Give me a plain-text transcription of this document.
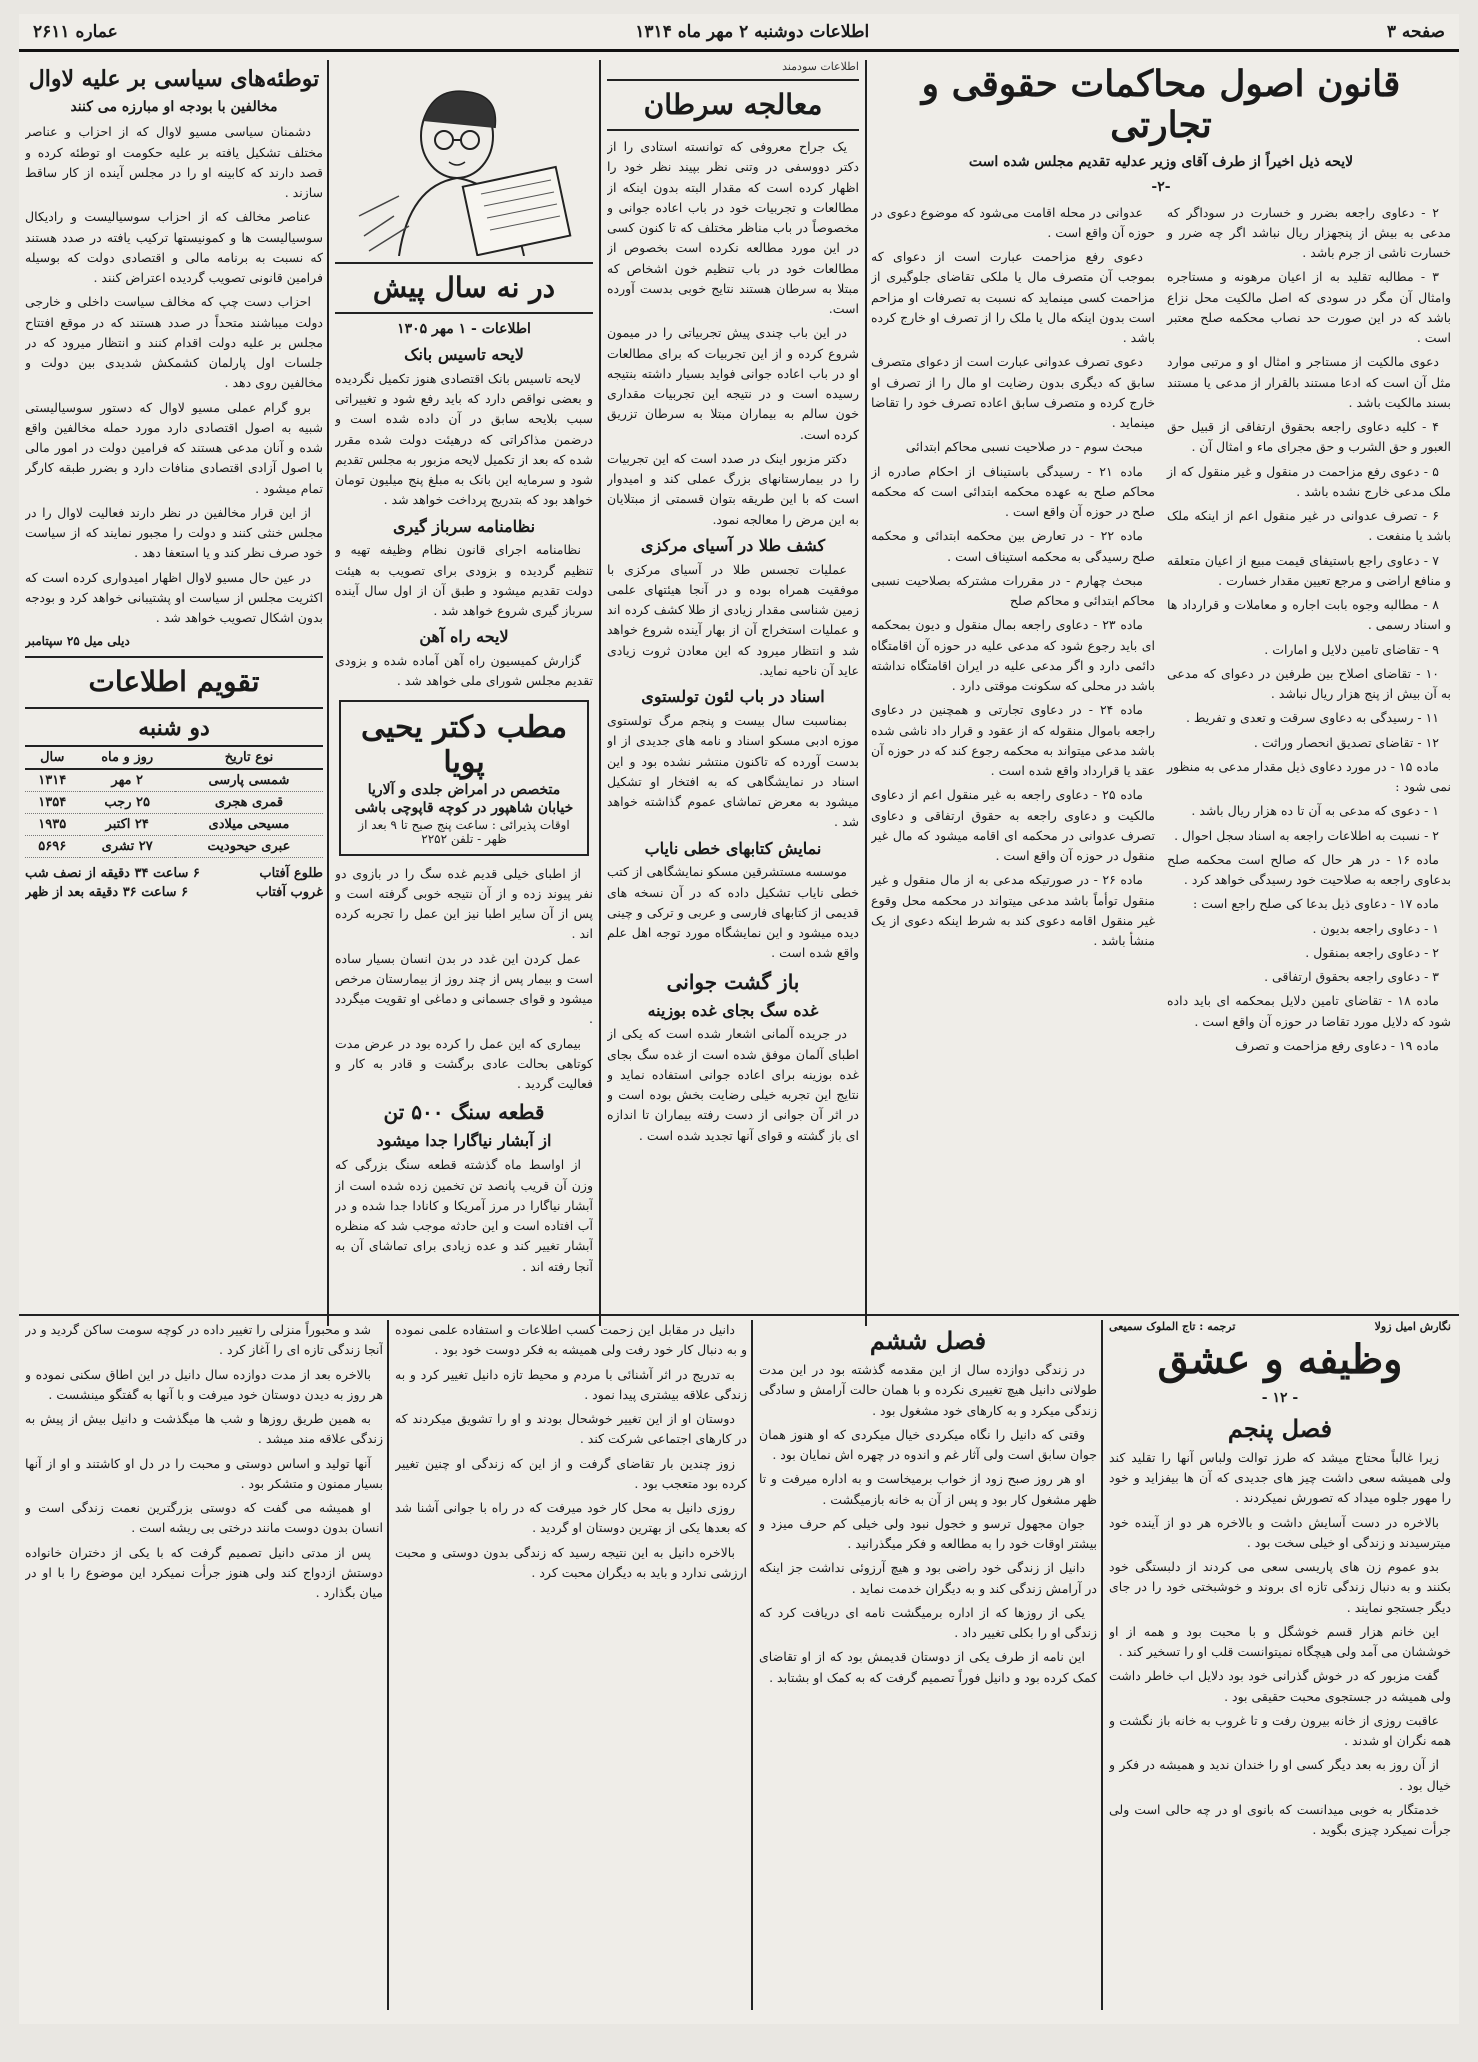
صفحه ۳
اطلاعات دوشنبه ۲ مهر ماه ۱۳۱۴
عماره ۲۶۱۱
قانون اصول محاکمات حقوقی و تجارتی
لایحه ذیل اخیراً از طرف آقای وزیر عدلیه تقدیم مجلس شده است
-۲-

۲ - دعاوی راجعه بضرر و خسارت در سوداگر که مدعی به بیش از پنجهزار ریال نباشد اگر چه ضرر و خسارت ناشی از جرم باشد .

۳ - مطالبه تقلید به از اعیان مرهونه و مستاجره وامثال آن مگر در سودی که اصل مالکیت محل نزاع باشد که در این صورت حد نصاب محکمه صلح معتبر است .

دعوی مالکیت از مستاجر و امثال او و مرتبی موارد مثل آن است که ادعا مستند بالقرار از مدعی یا مستند بسند مالکیت باشد .

۴ - کلیه دعاوی راجعه بحقوق ارتفاقی از قبیل حق العبور و حق الشرب و حق مجرای ماء و امثال آن .

۵ - دعوی رفع مزاحمت در منقول و غیر منقول که از ملک مدعی خارج نشده باشد .

۶ - تصرف عدوانی در غیر منقول اعم از اینکه ملک باشد یا منفعت .

۷ - دعاوی راجع باستیفای قیمت مبیع از اعیان متعلقه و منافع اراضی و مرجع تعیین مقدار خسارت .

۸ - مطالبه وجوه بابت اجاره و معاملات و قرارداد ها و اسناد رسمی .

۹ - تقاضای تامین دلایل و امارات .

۱۰ - تقاضای اصلاح بین طرفین در دعوای که مدعی به آن بیش از پنج هزار ریال نباشد .

۱۱ - رسیدگی به دعاوی سرقت و تعدی و تفریط .

۱۲ - تقاضای تصدیق انحصار وراثت .

ماده ۱۵ - در مورد دعاوی ذیل مقدار مدعی به منظور نمی شود :

۱ - دعوی که مدعی به آن تا ده هزار ریال باشد .

۲ - نسبت به اطلاعات راجعه به اسناد سجل احوال .

ماده ۱۶ - در هر حال که صالح است محکمه صلح بدعاوی راجعه به صلاحیت خود رسیدگی خواهد کرد .

ماده ۱۷ - دعاوی ذیل بدعا کی صلح راجع است :

۱ - دعاوی راجعه بدیون .

۲ - دعاوی راجعه بمنقول .

۳ - دعاوی راجعه بحقوق ارتفاقی .

ماده ۱۸ - تقاضای تامین دلایل بمحکمه ای باید داده شود که دلایل مورد تقاضا در حوزه آن واقع است .

ماده ۱۹ - دعاوی رفع مزاحمت و تصرف

عدوانی در محله اقامت می‌شود که موضوع دعوی در حوزه آن واقع است .

دعوی رفع مزاحمت عبارت است از دعوای که بموجب آن متصرف مال یا ملکی تقاضای جلوگیری از مزاحمت کسی مینماید که نسبت به تصرفات او مزاحم است بدون اینکه مال یا ملک را از تصرف او خارج کرده باشد .

دعوی تصرف عدوانی عبارت است از دعوای متصرف سابق که دیگری بدون رضایت او مال را از تصرف او خارج کرده و متصرف سابق اعاده تصرف خود را تقاضا مینماید .

مبحث سوم - در صلاحیت نسبی محاکم ابتدائی

ماده ۲۱ - رسیدگی باستیناف از احکام صادره از محاکم صلح به عهده محکمه ابتدائی است که محکمه صلح در حوزه آن واقع است .

ماده ۲۲ - در تعارض بین محکمه ابتدائی و محکمه صلح رسیدگی به محکمه استیناف است .

مبحث چهارم - در مقررات مشترکه بصلاحیت نسبی محاکم ابتدائی و محاکم صلح

ماده ۲۳ - دعاوی راجعه بمال منقول و دیون بمحکمه ای باید رجوع شود که مدعی علیه در حوزه آن اقامتگاه دائمی دارد و اگر مدعی علیه در ایران اقامتگاه نداشته باشد در محلی که سکونت موقتی دارد .

ماده ۲۴ - در دعاوی تجارتی و همچنین در دعاوی راجعه باموال منقوله که از عقود و قرار داد ناشی شده باشد مدعی میتواند به محکمه رجوع کند که در حوزه آن عقد یا قرارداد واقع شده است .

ماده ۲۵ - دعاوی راجعه به غیر منقول اعم از دعاوی مالکیت و دعاوی راجعه به حقوق ارتفاقی و دعاوی تصرف عدوانی در محکمه ای اقامه میشود که مال غیر منقول در حوزه آن واقع است .

ماده ۲۶ - در صورتیکه مدعی به از مال منقول و غیر منقول توأماً باشد مدعی میتواند در محکمه محل وقوع غیر منقول اقامه دعوی کند به شرط اینکه دعوی از یک منشأ باشد .

اطلاعات سودمند
معالجه سرطان

یک جراح معروفی که توانسته استادی را از دکتر دووسفی در وتنی نظر بپیند نظر خود را اظهار کرده است که مقدار البته بدون اینکه از مطالعات و تجربیات خود در باب اعاده جوانی و مخصوصاً در باب مناظر مختلف که تا کنون کسی در این مورد مطالعه نکرده است بخصوص از مطالعات خود در باب تنظیم خون اشخاص که مبتلا به سرطان هستند نتایج خوبی بدست آورده است.

در این باب چندی پیش تجربیاتی را در میمون شروع کرده و از این تجربیات که برای مطالعات او در باب اعاده جوانی فواید بسیار داشته بنتیجه رسیده است و در نتیجه این تجربیات مقداری خون سالم به بیماران مبتلا به سرطان تزریق کرده است.

دکتر مزبور اینک در صدد است که این تجربیات را در بیمارستانهای بزرگ عملی کند و امیدوار است که با این طریقه بتوان قسمتی از مبتلایان به این مرض را معالجه نمود.

کشف طلا در آسیای مرکزی

عملیات تجسس طلا در آسیای مرکزی با موفقیت همراه بوده و در آنجا هیئتهای علمی زمین شناسی مقدار زیادی از طلا کشف کرده اند و عملیات استخراج آن از بهار آینده شروع خواهد شد و انتظار میرود که این معادن ثروت زیادی عاید آن ناحیه نماید.

اسناد در باب لئون تولستوی

بمناسبت سال بیست و پنجم مرگ تولستوی موزه ادبی مسکو اسناد و نامه های جدیدی از او بدست آورده که تاکنون منتشر نشده بود و این اسناد در نمایشگاهی که به افتخار او تشکیل میشود به معرض تماشای عموم گذاشته خواهد شد .

نمایش کتابهای خطی نایاب

موسسه مستشرقین مسکو نمایشگاهی از کتب خطی نایاب تشکیل داده که در آن نسخه های قدیمی از کتابهای فارسی و عربی و ترکی و چینی دیده میشود و این نمایشگاه مورد توجه اهل علم واقع شده است .

باز گشت جوانی
غده سگ بجای غده بوزینه

در جریده آلمانی اشعار شده است که یکی از اطبای آلمان موفق شده است از غده سگ بجای غده بوزینه برای اعاده جوانی استفاده نماید و نتایج این تجربه خیلی رضایت بخش بوده است و در اثر آن جوانی از دست رفته بیماران تا اندازه ای باز گشته و قوای آنها تجدید شده است .

در نه سال پیش
اطلاعات - ۱ مهر ۱۳۰۵
لایحه تاسیس بانک

لایحه تاسیس بانک اقتصادی هنوز تکمیل نگردیده و بعضی نواقص دارد که باید رفع شود و تغییراتی سبب بلایحه سابق در آن داده شده است و درضمن مذاکراتی که درهیئت دولت شده مقرر شده که بعد از تکمیل لایحه مزبور به مجلس تقدیم شود و سرمایه این بانک به مبلغ پنج میلیون تومان خواهد بود که بتدریج پرداخت خواهد شد .

نظامنامه سرباز گیری

نظامنامه اجرای قانون نظام وظیفه تهیه و تنظیم گردیده و بزودی برای تصویب به هیئت دولت تقدیم میشود و طبق آن از اول سال آینده سرباز گیری شروع خواهد شد .

لایحه راه آهن

گزارش کمیسیون راه آهن آماده شده و بزودی تقدیم مجلس شورای ملی خواهد شد .

مطب دکتر یحیی پویا
متخصص در امراض جلدی و آلاریا
خیابان شاهپور در کوچه قاپوچی باشی
اوقات پذیرائی : ساعت پنج صبح تا ۹ بعد از ظهر - تلفن ۲۲۵۲

از اطبای خیلی قدیم غده سگ را در بازوی دو نفر پیوند زده و از آن نتیجه خوبی گرفته است و پس از آن سایر اطبا نیز این عمل را تجربه کرده اند .

عمل کردن این غدد در بدن انسان بسیار ساده است و بیمار پس از چند روز از بیمارستان مرخص میشود و قوای جسمانی و دماغی او تقویت میگردد .

بیماری که این عمل را کرده بود در عرض مدت کوتاهی بحالت عادی برگشت و قادر به کار و فعالیت گردید .

قطعه سنگ ۵۰۰ تن
از آبشار نیاگارا جدا میشود

از اواسط ماه گذشته قطعه سنگ بزرگی که وزن آن قریب پانصد تن تخمین زده شده است از آبشار نیاگارا در مرز آمریکا و کانادا جدا شده و در آب افتاده است و این حادثه موجب شد که منظره آبشار تغییر کند و عده زیادی برای تماشای آن به آنجا رفته اند .

توطئه‌های سیاسی بر علیه لاوال
مخالفین با بودجه او مبارزه می کنند

دشمنان سیاسی مسیو لاوال که از احزاب و عناصر مختلف تشکیل یافته بر علیه حکومت او توطئه کرده و قصد دارند که کابینه او را در مجلس آینده از کار ساقط سازند .

عناصر مخالف که از احزاب سوسیالیست و رادیکال سوسیالیست ها و کمونیستها ترکیب یافته در صدد هستند که نسبت به برنامه مالی و اقتصادی دولت که بوسیله فرامین قانونی تصویب گردیده اعتراض کنند .

احزاب دست چپ که مخالف سیاست داخلی و خارجی دولت میباشند متحداً در صدد هستند که در موقع افتتاح مجلس بر علیه دولت اقدام کنند و انتظار میرود که در جلسات اول پارلمان کشمکش شدیدی بین دولت و مخالفین روی دهد .

برو گرام عملی مسیو لاوال که دستور سوسیالیستی شبیه به اصول اقتصادی دارد مورد حمله مخالفین واقع شده و آنان مدعی هستند که فرامین دولت در امور مالی با اصول آزادی اقتصادی منافات دارد و بضرر طبقه کارگر تمام میشود .

از این قرار مخالفین در نظر دارند فعالیت لاوال را در مجلس خنثی کنند و دولت را مجبور نمایند که از سیاست خود صرف نظر کند و یا استعفا دهد .

در عین حال مسیو لاوال اظهار امیدواری کرده است که اکثریت مجلس از سیاست او پشتیبانی خواهد کرد و بودجه بدون اشکال تصویب خواهد شد .

دیلی میل ۲۵ سپتامبر
تقویم اطلاعات
دو شنبه
نوع تاریخ	روز و ماه	سال
شمسی پارسی	۲ مهر	۱۳۱۴
قمری هجری	۲۵ رجب	۱۳۵۴
مسیحی میلادی	۲۴ اکتبر	۱۹۳۵
عبری حیحودیت	۲۷ تشری	۵۶۹۶
طلوع آفتاب
۶ ساعت ۳۴ دقیقه از نصف شب
غروب آفتاب
۶ ساعت ۳۶ دقیقه بعد از ظهر
نگارش امیل زولا
ترجمه : تاج الملوک سمیعی
وظیفه و عشق
- ۱۲ -
فصل پنجم

زیرا غالباً محتاج میشد که طرز توالت ولباس آنها را تقلید کند ولی همیشه سعی داشت چیز های جدیدی که آن ها بیفزاید و خود را مهور جلوه میداد که تصورش نمیکردند .

بالاخره در دست آسایش داشت و بالاخره هر دو از آینده خود میترسیدند و زندگی او خیلی سخت بود .

بدو عموم زن های پاریسی سعی می کردند از دلبستگی خود بکنند و به دنبال زندگی تازه ای بروند و خوشبختی خود را در جای دیگر جستجو نمایند .

این خانم هزار قسم خوشگل و با محبت بود و همه از او خوششان می آمد ولی هیچگاه نمیتوانست قلب او را تسخیر کند .

گفت مزبور که در خوش گذرانی خود بود دلایل اب خاطر داشت ولی همیشه در جستجوی محبت حقیقی بود .

عاقبت روزی از خانه بیرون رفت و تا غروب به خانه باز نگشت و همه نگران او شدند .

از آن روز به بعد دیگر کسی او را خندان ندید و همیشه در فکر و خیال بود .

خدمتگار به خوبی میدانست که بانوی او در چه حالی است ولی جرأت نمیکرد چیزی بگوید .

فصل ششم

در زندگی دوازده سال از این مقدمه گذشته بود در این مدت طولانی دانیل هیچ تغییری نکرده و با همان حالت آرامش و سادگی زندگی میکرد و به کارهای خود مشغول بود .

وقتی که دانیل را نگاه میکردی خیال میکردی که او هنوز همان جوان سابق است ولی آثار غم و اندوه در چهره اش نمایان بود .

او هر روز صبح زود از خواب برمیخاست و به اداره میرفت و تا ظهر مشغول کار بود و پس از آن به خانه بازمیگشت .

جوان مجهول ترسو و خجول نبود ولی خیلی کم حرف میزد و بیشتر اوقات خود را به مطالعه و فکر میگذرانید .

دانیل از زندگی خود راضی بود و هیچ آرزوئی نداشت جز اینکه در آرامش زندگی کند و به دیگران خدمت نماید .

یکی از روزها که از اداره برمیگشت نامه ای دریافت کرد که زندگی او را بکلی تغییر داد .

این نامه از طرف یکی از دوستان قدیمش بود که از او تقاضای کمک کرده بود و دانیل فوراً تصمیم گرفت که به کمک او بشتابد .

دانیل در مقابل این زحمت کسب اطلاعات و استفاده علمی نموده و به دنبال کار خود رفت ولی همیشه به فکر دوست خود بود .

به تدریج در اثر آشنائی با مردم و محیط تازه دانیل تغییر کرد و به زندگی علاقه بیشتری پیدا نمود .

دوستان او از این تغییر خوشحال بودند و او را تشویق میکردند که در کارهای اجتماعی شرکت کند .

زوز چندین بار تقاضای گرفت و از این که زندگی او چنین تغییر کرده بود متعجب بود .

روزی دانیل به محل کار خود میرفت که در راه با جوانی آشنا شد که بعدها یکی از بهترین دوستان او گردید .

بالاخره دانیل به این نتیجه رسید که زندگی بدون دوستی و محبت ارزشی ندارد و باید به دیگران محبت کرد .

شد و محبوراً منزلی را تغییر داده در کوچه سومت ساکن گردید و در آنجا زندگی تازه ای را آغاز کرد .

بالاخره بعد از مدت دوازده سال دانیل در این اطاق سکنی نموده و هر روز به دیدن دوستان خود میرفت و با آنها به گفتگو مینشست .

به همین طریق روزها و شب ها میگذشت و دانیل بیش از پیش به زندگی علاقه مند میشد .

آنها تولید و اساس دوستی و محبت را در دل او کاشتند و او از آنها بسیار ممنون و متشکر بود .

او همیشه می گفت که دوستی بزرگترین نعمت زندگی است و انسان بدون دوست مانند درختی بی ریشه است .

پس از مدتی دانیل تصمیم گرفت که با یکی از دختران خانواده دوستش ازدواج کند ولی هنوز جرأت نمیکرد این موضوع را با او در میان بگذارد .
